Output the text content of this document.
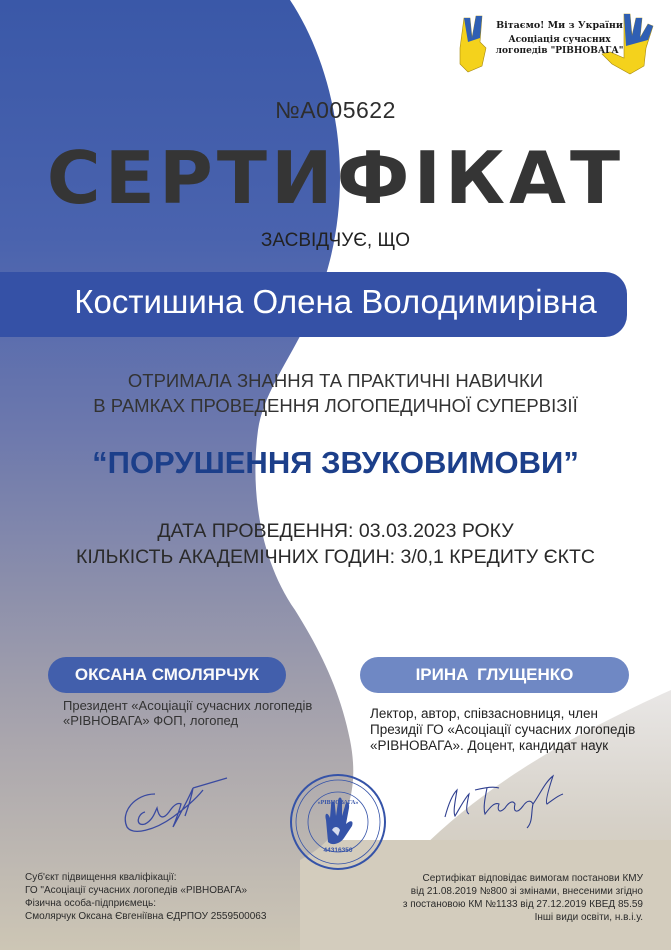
Вітаємо! Ми з України
Асоціація сучасних
логопедів "РІВНОВАГА"
№A005622
СЕРТИФІКАТ
ЗАСВІДЧУЄ, ЩО
Костишина Олена Володимирівна
ОТРИМАЛА ЗНАННЯ ТА ПРАКТИЧНІ НАВИЧКИ
В РАМКАХ ПРОВЕДЕННЯ ЛОГОПЕДИЧНОЇ СУПЕРВІЗІЇ
“ПОРУШЕННЯ ЗВУКОВИМОВИ”
ДАТА ПРОВЕДЕННЯ: 03.03.2023 РОКУ
КІЛЬКІСТЬ АКАДЕМІЧНИХ ГОДИН: 3/0,1 КРЕДИТУ ЄКТС
ОКСАНА СМОЛЯРЧУК	ІРИНА ГЛУЩЕНКО
Президент «Асоціації сучасних логопедів «РІВНОВАГА» ФОП, логопед	Лектор, автор, співзасновниця, член Президії ГО «Асоціації сучасних логопедів «РІВНОВАГА». Доцент, кандидат наук
44316350
«РІВНОВАГА»
Суб'єкт підвищення кваліфікації:
ГО "Асоціації сучасних логопедів «РІВНОВАГА»
Фізична особа-підприємець:
Смолярчук Оксана Євгеніївна ЄДРПОУ 2559500063
Сертифікат відповідає вимогам постанови КМУ
від 21.08.2019 №800 зі змінами, внесеними згідно
з постановою КМ №1133 від 27.12.2019 КВЕД 85.59
Інші види освіти, н.в.і.у.
